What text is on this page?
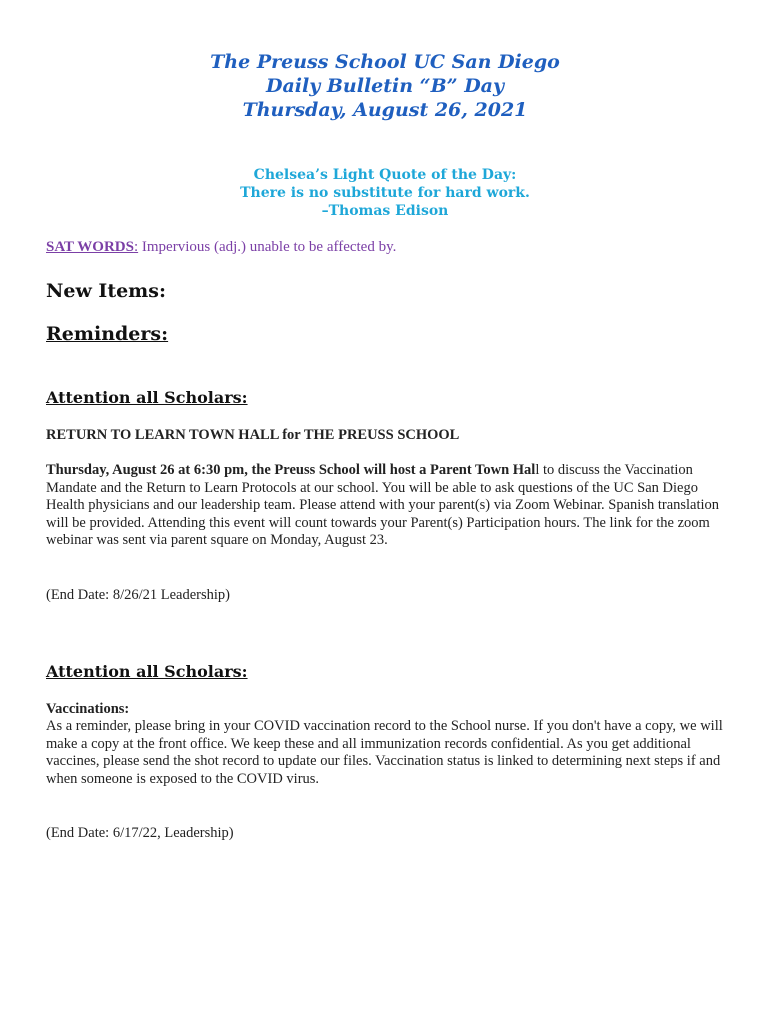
The Preuss School UC San Diego
Daily Bulletin “B” Day
Thursday, August 26, 2021
Chelsea’s Light Quote of the Day:
There is no substitute for hard work.
–Thomas Edison
SAT WORDS: Impervious (adj.) unable to be affected by.
New Items:
Reminders:
Attention all Scholars:
RETURN TO LEARN TOWN HALL for THE PREUSS SCHOOL
Thursday, August 26 at 6:30 pm, the Preuss School will host a Parent Town Hall to discuss the Vaccination Mandate and the Return to Learn Protocols at our school. You will be able to ask questions of the UC San Diego Health physicians and our leadership team. Please attend with your parent(s) via Zoom Webinar. Spanish translation will be provided. Attending this event will count towards your Parent(s) Participation hours. The link for the zoom webinar was sent via parent square on Monday, August 23.
(End Date: 8/26/21 Leadership)
Attention all Scholars:
Vaccinations:
As a reminder, please bring in your COVID vaccination record to the School nurse. If you don't have a copy, we will make a copy at the front office. We keep these and all immunization records confidential. As you get additional vaccines, please send the shot record to update our files. Vaccination status is linked to determining next steps if and when someone is exposed to the COVID virus.
(End Date: 6/17/22, Leadership)
